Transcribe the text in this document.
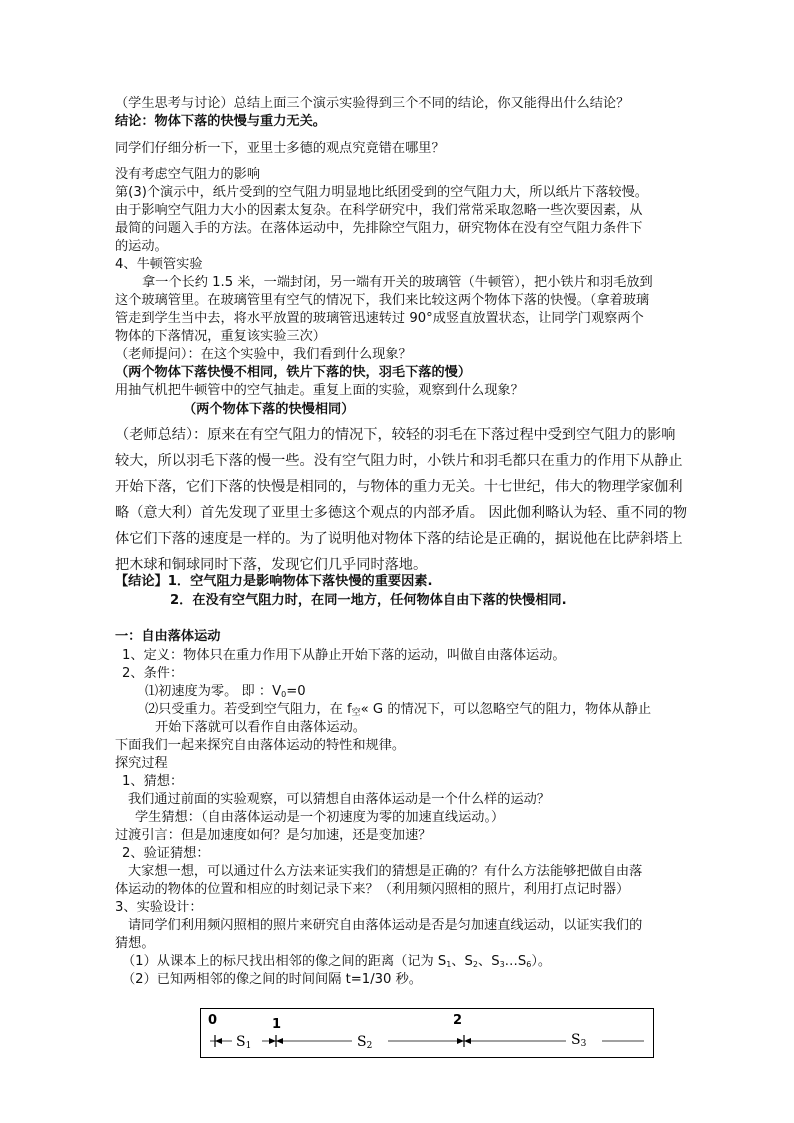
（学生思考与讨论）总结上面三个演示实验得到三个不同的结论，你又能得出什么结论？
结论：物体下落的快慢与重力无关。
同学们仔细分析一下，亚里士多德的观点究竟错在哪里？
没有考虑空气阻力的影响
第(3)个演示中，纸片受到的空气阻力明显地比纸团受到的空气阻力大，所以纸片下落较慢。
由于影响空气阻力大小的因素太复杂。在科学研究中，我们常常采取忽略一些次要因素，从
最简的问题入手的方法。在落体运动中，先排除空气阻力，研究物体在没有空气阻力条件下
的运动。
4、牛顿管实验
拿一个长约 1.5 米，一端封闭，另一端有开关的玻璃管（牛顿管），把小铁片和羽毛放到
这个玻璃管里。在玻璃管里有空气的情况下，我们来比较这两个物体下落的快慢。（拿着玻璃
管走到学生当中去，将水平放置的玻璃管迅速转过 90°成竖直放置状态，让同学门观察两个
物体的下落情况，重复该实验三次）
（老师提问）：在这个实验中，我们看到什么现象？
（两个物体下落快慢不相同，铁片下落的快，羽毛下落的慢）
用抽气机把牛顿管中的空气抽走。重复上面的实验，观察到什么现象？
（两个物体下落的快慢相同）
（老师总结）：原来在有空气阻力的情况下，较轻的羽毛在下落过程中受到空气阻力的影响
较大，所以羽毛下落的慢一些。没有空气阻力时，小铁片和羽毛都只在重力的作用下从静止
开始下落，它们下落的快慢是相同的，与物体的重力无关。十七世纪，伟大的物理学家伽利
略（意大利）首先发现了亚里士多德这个观点的内部矛盾。 因此伽利略认为轻、重不同的物
体它们下落的速度是一样的。为了说明他对物体下落的结论是正确的，据说他在比萨斜塔上
把木球和铜球同时下落，发现它们几乎同时落地。
【结论】1．空气阻力是影响物体下落快慢的重要因素.
2．在没有空气阻力时，在同一地方，任何物体自由下落的快慢相同.
一：自由落体运动
1、定义：物体只在重力作用下从静止开始下落的运动，叫做自由落体运动。
2、条件：
⑴初速度为零。 即 ：$V_0=0$
⑵只受重力。若受到空气阻力，在 $f_空«$ G 的情况下，可以忽略空气的阻力，物体从静止
开始下落就可以看作自由落体运动。
下面我们一起来探究自由落体运动的特性和规律。
探究过程
1、猜想：
我们通过前面的实验观察，可以猜想自由落体运动是一个什么样的运动？
学生猜想：（自由落体运动是一个初速度为零的加速直线运动。）
过渡引言：但是加速度如何？是匀加速，还是变加速？
2、验证猜想：
大家想一想，可以通过什么方法来证实我们的猜想是正确的？有什么方法能够把做自由落
体运动的物体的位置和相应的时刻记录下来？（利用频闪照相的照片，利用打点记时器）
3、实验设计：
请同学们利用频闪照相的照片来研究自由落体运动是否是匀加速直线运动，以证实我们的
猜想。
（1）从课本上的标尺找出相邻的像之间的距离（记为 $S_1$、$S_2$、$S_3\dots S_6$）。
（2）已知两相邻的像之间的时间间隔 t=1/30 秒。
0	1	2
S1	S2	S3
